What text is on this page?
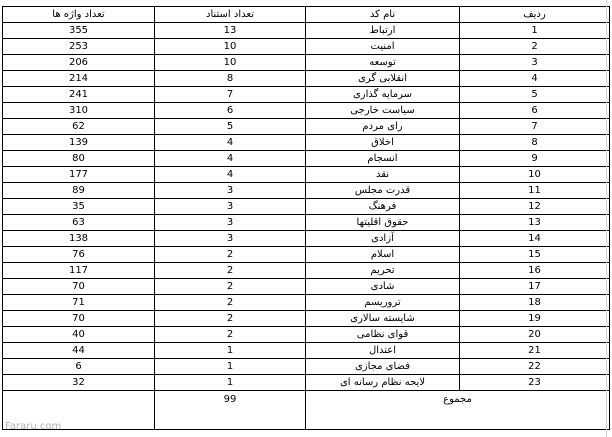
تعداد واژه ها	تعداد استناد	نام کد	ردیف
355	13	ارتباط	1
253	10	امنیت	2
206	10	توسعه	3
214	8	انقلابی گری	4
241	7	سرمایه گذاری	5
310	6	سیاست خارجی	6
62	5	رای مردم	7
139	4	اخلاق	8
80	4	انسجام	9
177	4	نقد	10
89	3	قدرت مجلس	11
35	3	فرهنگ	12
63	3	حقوق اقلیتها	13
138	3	آزادی	14
76	2	اسلام	15
117	2	تحریم	16
70	2	شادی	17
71	2	تروریسم	18
70	2	شایسته سالاری	19
40	2	قوای نظامی	20
44	1	اعتدال	21
6	1	فضای مجازی	22
32	1	لایحه نظام رسانه ای	23
	99	مجموع	
Fararu.com
